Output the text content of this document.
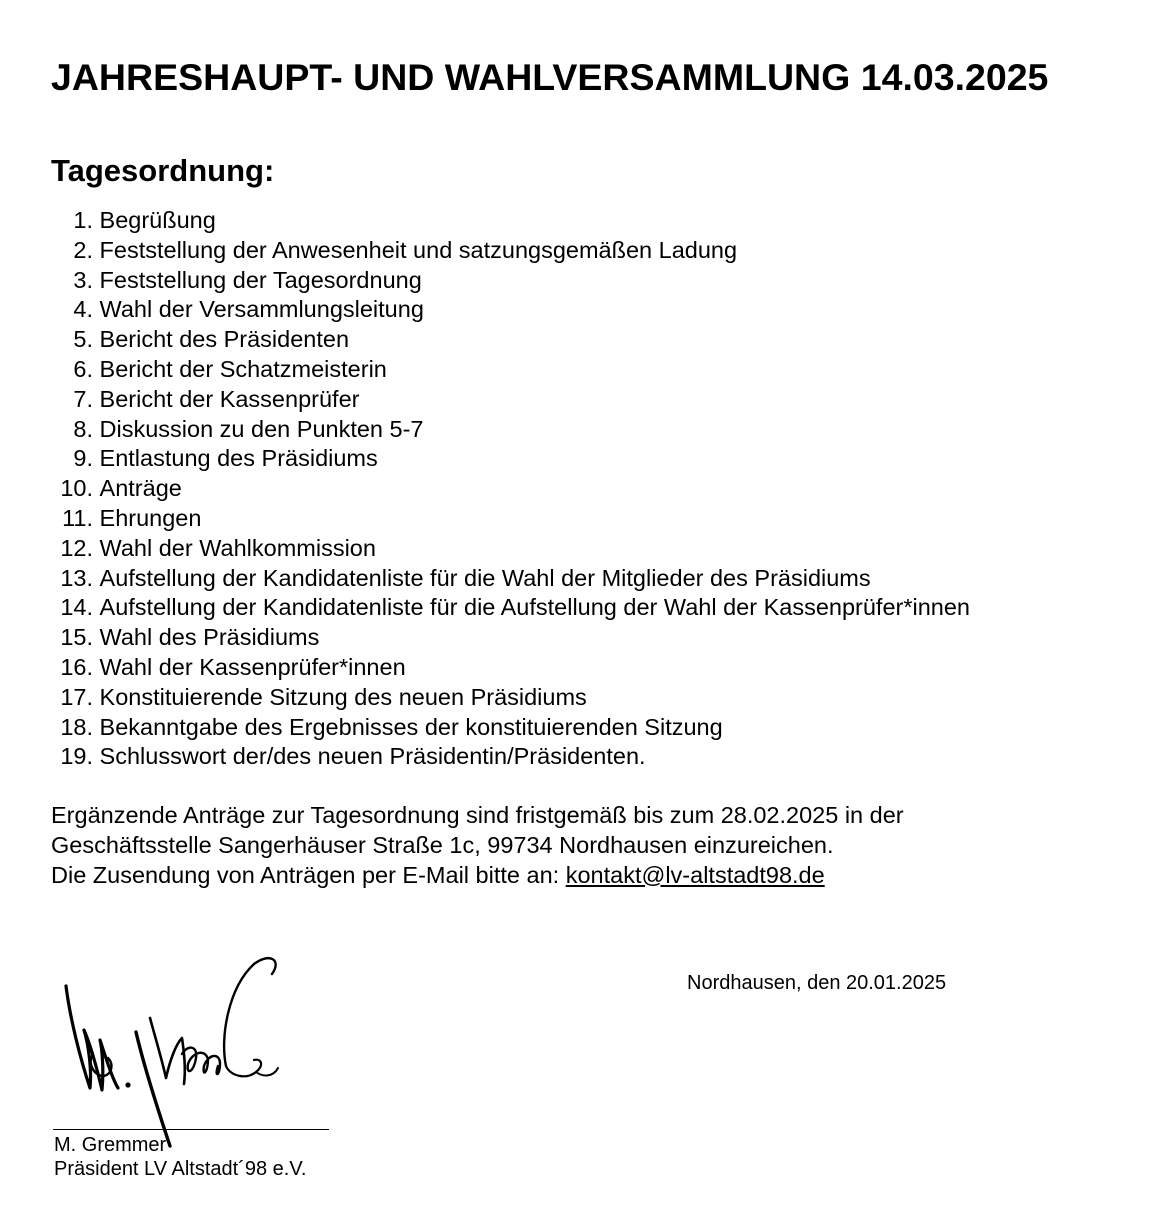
JAHRESHAUPT- UND WAHLVERSAMMLUNG 14.03.2025
Tagesordnung:
1. Begrüßung
2. Feststellung der Anwesenheit und satzungsgemäßen Ladung
3. Feststellung der Tagesordnung
4. Wahl der Versammlungsleitung
5. Bericht des Präsidenten
6. Bericht der Schatzmeisterin
7. Bericht der Kassenprüfer
8. Diskussion zu den Punkten 5-7
9. Entlastung des Präsidiums
10. Anträge
11. Ehrungen
12. Wahl der Wahlkommission
13. Aufstellung der Kandidatenliste für die Wahl der Mitglieder des Präsidiums
14. Aufstellung der Kandidatenliste für die Aufstellung der Wahl der Kassenprüfer*innen
15. Wahl des Präsidiums
16. Wahl der Kassenprüfer*innen
17. Konstituierende Sitzung des neuen Präsidiums
18. Bekanntgabe des Ergebnisses der konstituierenden Sitzung
19. Schlusswort der/des neuen Präsidentin/Präsidenten.
Ergänzende Anträge zur Tagesordnung sind fristgemäß bis zum 28.02.2025 in der
Geschäftsstelle Sangerhäuser Straße 1c, 99734 Nordhausen einzureichen.
Die Zusendung von Anträgen per E-Mail bitte an: kontakt@lv-altstadt98.de
Nordhausen, den 20.01.2025
M. Gremmer
Präsident LV Altstadt´98 e.V.
